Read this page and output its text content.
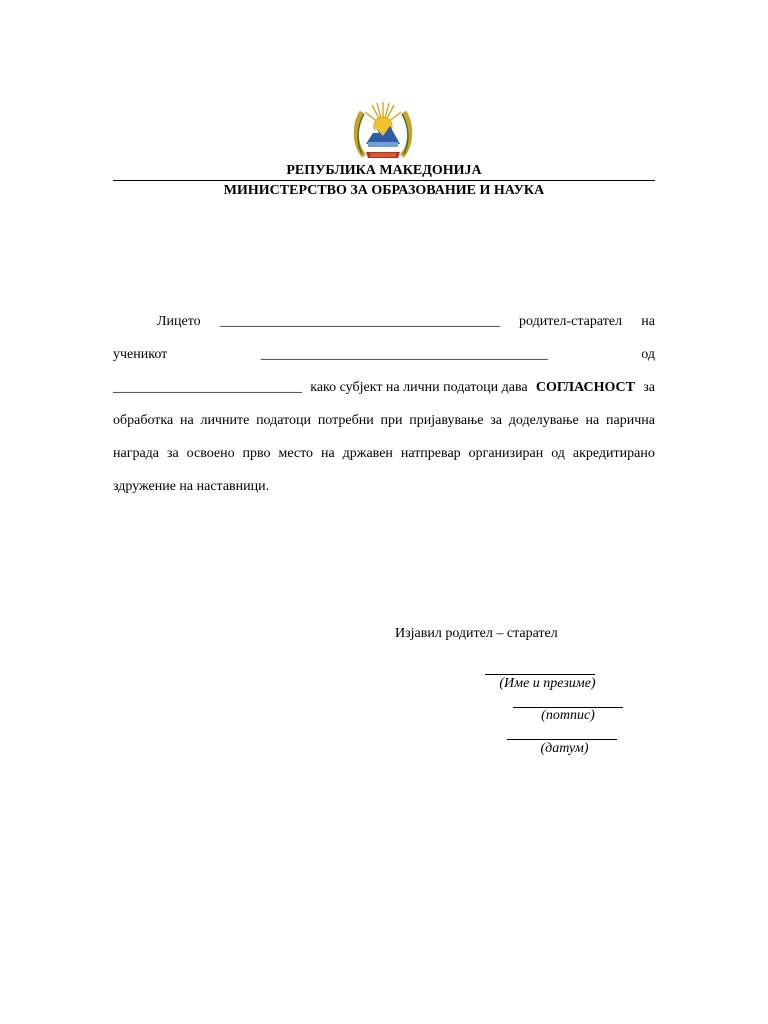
РЕПУБЛИКА МАКЕДОНИЈА
МИНИСТЕРСТВО ЗА ОБРАЗОВАНИЕ И НАУКА
Лицето ________________________________________ родител-старател на
ученикот	_________________________________________	од
___________________________ како субјект на лични податоци дава СОГЛАСНОСТ за
обработка на личните податоци потребни при пријавување за доделување на парична
награда за освоено прво место на државен натпревар организиран од акредитирано
здружение на наставници.
Изјавил родител – старател
(Име и презиме)
(потпис)
(датум)
